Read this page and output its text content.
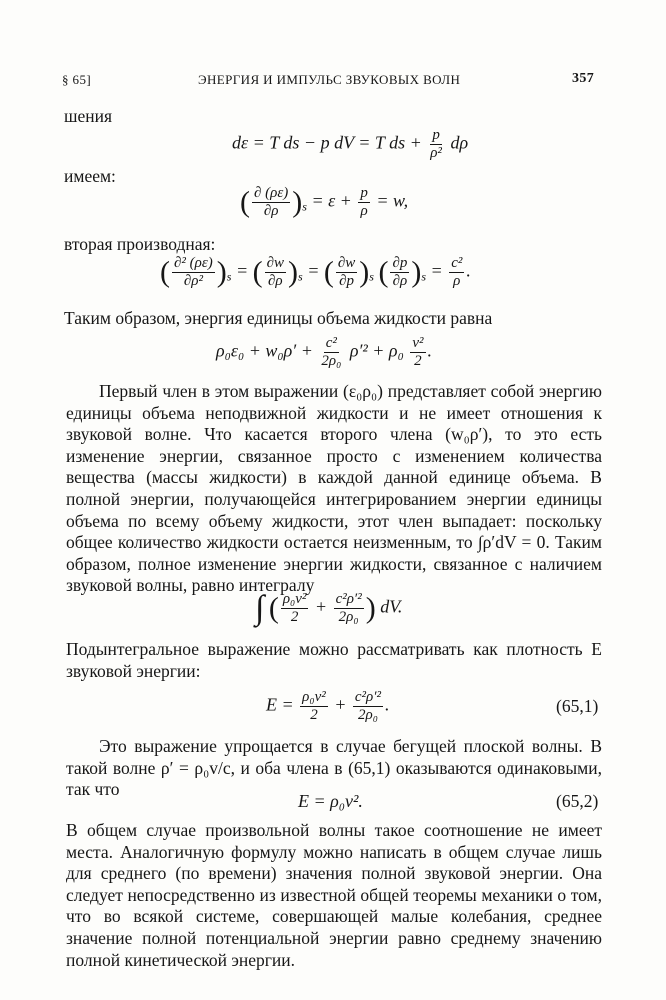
§ 65]	ЭНЕРГИЯ И ИМПУЛЬС ЗВУКОВЫХ ВОЛН	357
шения
dε = T ds − p dV = T ds + $\frac{p}{\text{ρ²}}$ dρ
имеем:
( $\frac{\partial (\rho\varepsilon)}{\partial\rho} )_s = \varepsilon + \frac{p}{\rho} = w$,
вторая производная:
( $\frac{\text{∂² (ρε)}}{\text{∂ρ²}} )_s$ = ( $\frac{\partial w}{\partial\rho} )_s$ = ( $\frac{\partial w}{\partial p} )_s$ ( $\frac{\partial p}{\partial\rho} )_s = \frac{\text{c²}}{\rho}$ .
Таким образом, энергия единицы объема жидкости равна
$\rho_0\varepsilon_0 + w_0\rho' + \frac{\text{c²}}{\text{2ρ₀}} \rho'^2 + \rho_0 \frac{\text{v²}}{2}$ .

Первый член в этом выражении (ε₀ρ₀) представляет собой энергию единицы объема неподвижной жидкости и не имеет отношения к звуковой волне. Что касается второго члена (w₀ρ′), то это есть изменение энергии, связанное просто с изменением количества вещества (массы жидкости) в каждой данной единице объема. В полной энергии, получающейся интегрированием энергии единицы объема по всему объему жидкости, этот член выпадает: поскольку общее количество жидкости остается неизменным, то ∫ρ′dV = 0. Таким образом, полное изменение энергии жидкости, связанное с наличием звуковой волны, равно интегралу

∫ ( $\frac{\text{ρ₀v²}}{2} + \frac{\text{c²ρ′²}}{\text{2ρ₀}}$ ) dV.

Подынтегральное выражение можно рассматривать как плотность E звуковой энергии:

$E = \frac{\text{ρ₀v²}}{2} + \frac{\text{c²ρ′²}}{\text{2ρ₀}}$ .	(65,1)

Это выражение упрощается в случае бегущей плоской волны. В такой волне ρ′ = ρ₀v/c, и оба члена в (65,1) оказываются одинаковыми, так что

E = ρ₀v².	(65,2)

В общем случае произвольной волны такое соотношение не имеет места. Аналогичную формулу можно написать в общем случае лишь для среднего (по времени) значения полной звуковой энергии. Она следует непосредственно из известной общей теоремы механики о том, что во всякой системе, совершающей малые колебания, среднее значение полной потенциальной энергии равно среднему значению полной кинетической энергии.
